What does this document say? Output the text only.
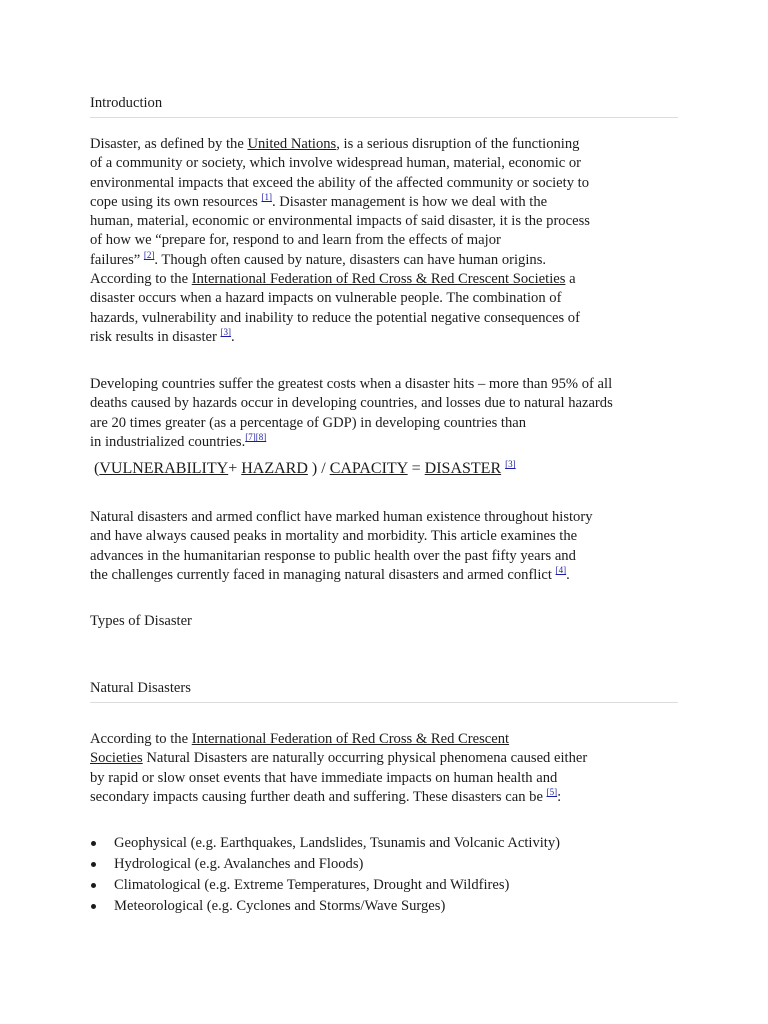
Introduction
Disaster, as defined by the United Nations, is a serious disruption of the functioning
of a community or society, which involve widespread human, material, economic or
environmental impacts that exceed the ability of the affected community or society to
cope using its own resources [1]. Disaster management is how we deal with the
human, material, economic or environmental impacts of said disaster, it is the process
of how we “prepare for, respond to and learn from the effects of major
failures” [2]. Though often caused by nature, disasters can have human origins.
According to the International Federation of Red Cross & Red Crescent Societies a
disaster occurs when a hazard impacts on vulnerable people. The combination of
hazards, vulnerability and inability to reduce the potential negative consequences of
risk results in disaster [3].
Developing countries suffer the greatest costs when a disaster hits – more than 95% of all
deaths caused by hazards occur in developing countries, and losses due to natural hazards
are 20 times greater (as a percentage of GDP) in developing countries than
in industrialized countries.[7][8]
(VULNERABILITY+ HAZARD ) / CAPACITY = DISASTER [3]
Natural disasters and armed conflict have marked human existence throughout history
and have always caused peaks in mortality and morbidity. This article examines the
advances in the humanitarian response to public health over the past fifty years and
the challenges currently faced in managing natural disasters and armed conflict [4].
Types of Disaster
Natural Disasters
According to the International Federation of Red Cross & Red Crescent
Societies Natural Disasters are naturally occurring physical phenomena caused either
by rapid or slow onset events that have immediate impacts on human health and
secondary impacts causing further death and suffering. These disasters can be [5]:
Geophysical (e.g. Earthquakes, Landslides, Tsunamis and Volcanic Activity)
Hydrological (e.g. Avalanches and Floods)
Climatological (e.g. Extreme Temperatures, Drought and Wildfires)
Meteorological (e.g. Cyclones and Storms/Wave Surges)
